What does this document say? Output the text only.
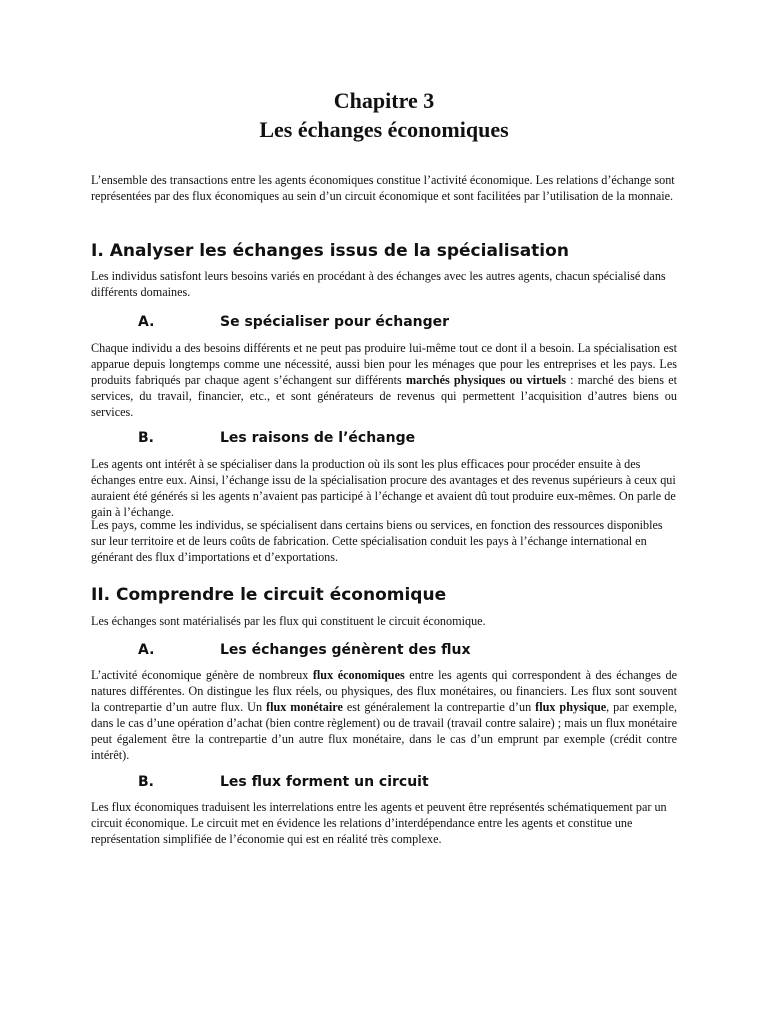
Chapitre 3
Les échanges économiques

L’ensemble des transactions entre les agents économiques constitue l’activité économique. Les relations d’échange sont représentées par des flux économiques au sein d’un circuit économique et sont facilitées par l’utilisation de la monnaie.

I. Analyser les échanges issus de la spécialisation

Les individus satisfont leurs besoins variés en procédant à des échanges avec les autres agents, chacun spécialisé dans différents domaines.

A.	Se spécialiser pour échanger

Chaque individu a des besoins différents et ne peut pas produire lui-même tout ce dont il a besoin. La spécialisation est apparue depuis longtemps comme une nécessité, aussi bien pour les ménages que pour les entreprises et les pays. Les produits fabriqués par chaque agent s’échangent sur différents marchés physiques ou virtuels : marché des biens et services, du travail, financier, etc., et sont générateurs de revenus qui permettent l’acquisition d’autres biens ou services.

B.	Les raisons de l’échange

Les agents ont intérêt à se spécialiser dans la production où ils sont les plus efficaces pour procéder ensuite à des échanges entre eux. Ainsi, l’échange issu de la spécialisation procure des avantages et des revenus supérieurs à ceux qui auraient été générés si les agents n’avaient pas participé à l’échange et avaient dû tout produire eux-mêmes. On parle de gain à l’échange.

Les pays, comme les individus, se spécialisent dans certains biens ou services, en fonction des ressources disponibles sur leur territoire et de leurs coûts de fabrication. Cette spécialisation conduit les pays à l’échange international en générant des flux d’importations et d’exportations.

II. Comprendre le circuit économique

Les échanges sont matérialisés par les flux qui constituent le circuit économique.

A.	Les échanges génèrent des flux

L’activité économique génère de nombreux flux économiques entre les agents qui correspondent à des échanges de natures différentes. On distingue les flux réels, ou physiques, des flux monétaires, ou financiers. Les flux sont souvent la contrepartie d’un autre flux. Un flux monétaire est généralement la contrepartie d’un flux physique, par exemple, dans le cas d’une opération d’achat (bien contre règlement) ou de travail (travail contre salaire) ; mais un flux monétaire peut également être la contrepartie d’un autre flux monétaire, dans le cas d’un emprunt par exemple (crédit contre intérêt).

B.	Les flux forment un circuit

Les flux économiques traduisent les interrelations entre les agents et peuvent être représentés schématiquement par un circuit économique. Le circuit met en évidence les relations d’interdépendance entre les agents et constitue une représentation simplifiée de l’économie qui est en réalité très complexe.
